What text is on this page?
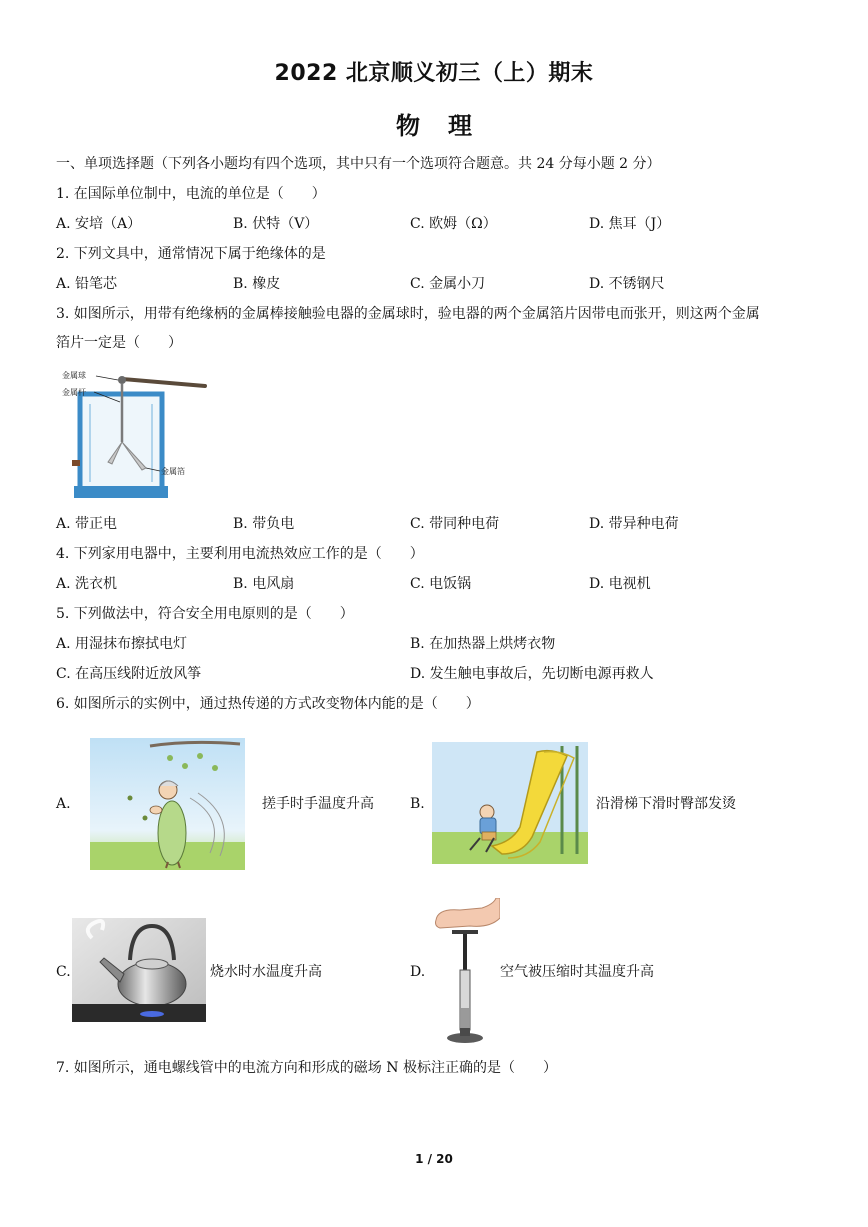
2022 北京顺义初三（上）期末
物理
一、单项选择题（下列各小题均有四个选项，其中只有一个选项符合题意。共 24 分每小题 2 分）
1. 在国际单位制中，电流的单位是（　　）
A. 安培（A）	B. 伏特（V）	C. 欧姆（Ω）	D. 焦耳（J）
2. 下列文具中，通常情况下属于绝缘体的是
A. 铅笔芯	B. 橡皮	C. 金属小刀	D. 不锈钢尺
3. 如图所示，用带有绝缘柄的金属棒接触验电器的金属球时，验电器的两个金属箔片因带电而张开，则这两个金属
箔片一定是（　　）
金属球
金属杆
金属箔
A. 带正电	B. 带负电	C. 带同种电荷	D. 带异种电荷
4. 下列家用电器中，主要利用电流热效应工作的是（　　）
A. 洗衣机	B. 电风扇	C. 电饭锅	D. 电视机
5. 下列做法中，符合安全用电原则的是（　　）
A. 用湿抹布擦拭电灯	B. 在加热器上烘烤衣物
C. 在高压线附近放风筝	D. 发生触电事故后，先切断电源再救人
6. 如图所示的实例中，通过热传递的方式改变物体内能的是（　　）
A.	搓手时手温度升高	B.	沿滑梯下滑时臀部发烫
C.	烧水时水温度升高	D.	空气被压缩时其温度升高
7. 如图所示，通电螺线管中的电流方向和形成的磁场 N 极标注正确的是（　　）
1 / 20
